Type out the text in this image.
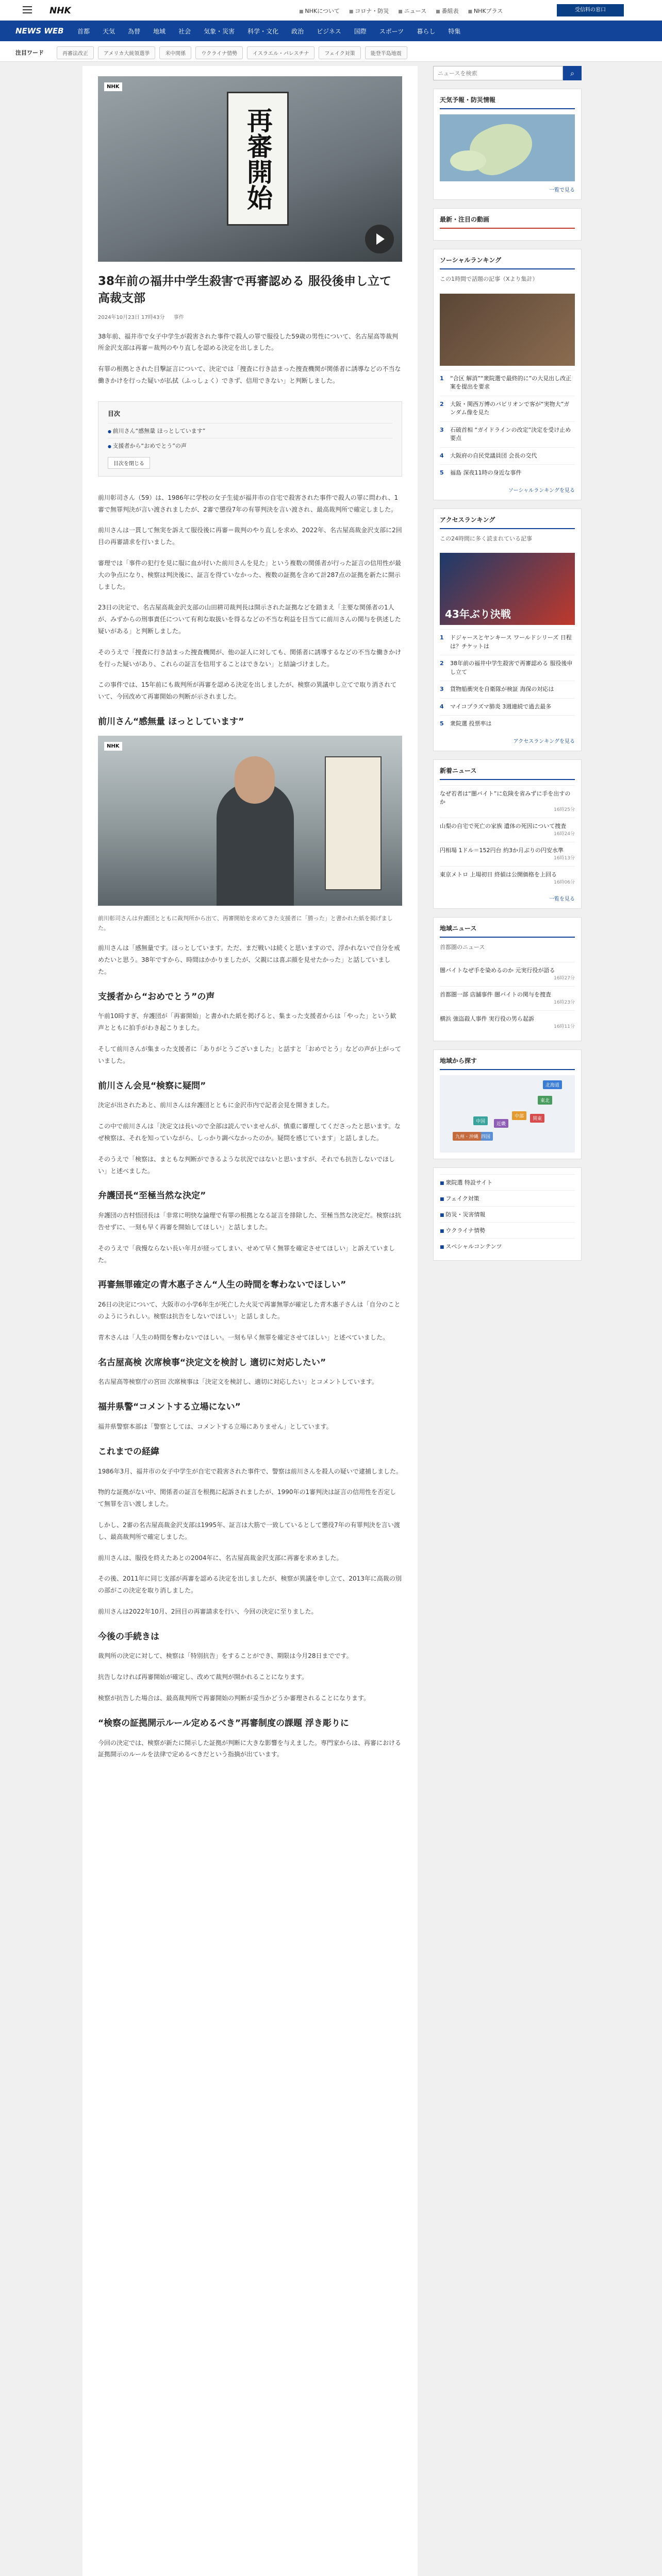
NHK	■ NHKについて	■ コロナ・防災	■ ニュース	■ 番組表	■ NHKプラス	受信料の窓口
NEWS WEB 首都 天気 為替 地域 社会 気象・災害 科学・文化 政治 ビジネス 国際 スポーツ 暮らし 特集
注目ワード	再審法改正	アメリカ大統領選挙	米中関係	ウクライナ情勢	イスラエル・パレスチナ	フェイク対策	能登半島地震
NHK
再審開始
38年前の福井中学生殺害で再審認める 服役後申し立て 高裁支部
2024年10月23日 17時43分 事件

38年前、福井市で女子中学生が殺害された事件で殺人の罪で服役した59歳の男性について、名古屋高等裁判所金沢支部は再審＝裁判のやり直しを認める決定を出しました。

有罪の根拠とされた目撃証言について、決定では「捜査に行き詰まった捜査機関が関係者に誘導などの不当な働きかけを行った疑いが払拭（ふっしょく）できず、信用できない」と判断しました。

目次
● 前川さん“感無量 ほっとしています”
● 支援者から“おめでとう”の声
目次を閉じる

前川彰司さん（59）は、1986年に学校の女子生徒が福井市の自宅で殺害された事件で殺人の罪に問われ、1審で無罪判決が言い渡されましたが、2審で懲役7年の有罪判決を言い渡され、最高裁判所で確定しました。

前川さんは一貫して無実を訴えて服役後に再審＝裁判のやり直しを求め、2022年、名古屋高裁金沢支部に2回目の再審請求を行いました。

審理では「事件の犯行を見に服に血が付いた前川さんを見た」という複数の関係者が行った証言の信用性が最大の争点になり、検察は判決後に、証言を得ていなかった、複数の証拠を含めて計287点の証拠を新たに開示しました。

23日の決定で、名古屋高裁金沢支部の山田耕司裁判長は開示された証拠などを踏まえ「主要な関係者の1人が、みずからの刑事責任について有利な取扱いを得るなどの不当な利益を目当てに前川さんの関与を供述した疑いがある」と判断しました。

そのうえで「捜査に行き詰まった捜査機関が、他の証人に対しても、関係者に誘導するなどの不当な働きかけを行った疑いがあり、これらの証言を信用することはできない」と結論づけました。

この事件では、15年前にも裁判所が再審を認める決定を出しましたが、検察の異議申し立てで取り消されていて、今回改めて再審開始の判断が示されました。

前川さん“感無量 ほっとしています”
NHK
前川彰司さんは弁護団とともに裁判所から出て、再審開始を求めてきた支援者に「勝った」と書かれた紙を掲げました。

前川さんは「感無量です。ほっとしています。ただ、まだ戦いは続くと思いますので、浮かれないで自分を戒めたいと思う。38年ですから、時間はかかりましたが、父親には喜ぶ顔を見せたかった」と話していました。

支援者から“おめでとう”の声

午前10時すぎ、弁護団が「再審開始」と書かれた紙を掲げると、集まった支援者からは「やった」という歓声とともに拍手がわき起こりました。

そして前川さんが集まった支援者に「ありがとうございました」と話すと「おめでとう」などの声が上がっていました。

前川さん会見“検察に疑問”

決定が出されたあと、前川さんは弁護団とともに金沢市内で記者会見を開きました。

この中で前川さんは「決定文は長いので全部は読んでいませんが、慎重に審理してくださったと思います。なぜ検察は、それを知っていながら、しっかり調べなかったのか。疑問を感じています」と話しました。

そのうえで「検察は、まともな判断ができるような状況ではないと思いますが、それでも抗告しないでほしい」と述べました。

弁護団長“至極当然な決定”

弁護団の吉村悟団長は「非常に明快な論理で有罪の根拠となる証言を排除した、至極当然な決定だ。検察は抗告せずに、一刻も早く再審を開始してほしい」と話しました。

そのうえで「我慢ならない長い年月が経ってしまい、せめて早く無罪を確定させてほしい」と訴えていました。

再審無罪確定の青木惠子さん“人生の時間を奪わないでほしい”

26日の決定について、大阪市の小学6年生が死亡した火災で再審無罪が確定した青木惠子さんは「自分のことのようにうれしい。検察は抗告をしないでほしい」と話しました。

青木さんは「人生の時間を奪わないでほしい。一刻も早く無罪を確定させてほしい」と述べていました。

名古屋高検 次席検事“決定文を検討し 適切に対応したい”

名古屋高等検察庁の宮田 次席検事は「決定文を検討し、適切に対応したい」とコメントしています。

福井県警“コメントする立場にない”

福井県警察本部は「警察としては、コメントする立場にありません」としています。

これまでの経緯

1986年3月、福井市の女子中学生が自宅で殺害された事件で、警察は前川さんを殺人の疑いで逮捕しました。

物的な証拠がない中、関係者の証言を根拠に起訴されましたが、1990年の1審判決は証言の信用性を否定して無罪を言い渡しました。

しかし、2審の名古屋高裁金沢支部は1995年、証言は大筋で一致しているとして懲役7年の有罪判決を言い渡し、最高裁判所で確定しました。

前川さんは、服役を終えたあとの2004年に、名古屋高裁金沢支部に再審を求めました。

その後、2011年に同じ支部が再審を認める決定を出しましたが、検察が異議を申し立て、2013年に高裁の別の部がこの決定を取り消しました。

前川さんは2022年10月、2回目の再審請求を行い、今回の決定に至りました。

今後の手続きは

裁判所の決定に対して、検察は「特別抗告」をすることができ、期限は今月28日までです。

抗告しなければ再審開始が確定し、改めて裁判が開かれることになります。

検察が抗告した場合は、最高裁判所で再審開始の判断が妥当かどうか審理されることになります。

“検察の証拠開示ルール定めるべき”再審制度の課題 浮き彫りに

今回の決定では、検察が新たに開示した証拠が判断に大きな影響を与えました。専門家からは、再審における証拠開示のルールを法律で定めるべきだという指摘が出ています。

ニュースを検索
⌕
天気予報・防災情報
一覧で見る
最新・注目の動画
ソーシャルランキング
この1時間で話題の記事（Xより集計）
1	“合区 解消”“衆院選で最終的に”の大見出し改正案を提出を要求
2	大阪・関西万博のパビリオンで客が“実物大”ガンダム像を見た
3	石破首相 “ガイドラインの改定”決定を受け止め要点
4	大阪府の自民党議員団 会長の交代
5	福島 深夜11時の身近な事件
ソーシャルランキングを見る
アクセスランキング
この24時間に多く読まれている記事
43年ぶり決戦
1	ドジャースとヤンキース ワールドシリーズ 日程は？チケットは
2	38年前の福井中学生殺害で再審認める 服役後申し立て
3	貨物船衝突を自衛隊が検証 海保の対応は
4	マイコプラズマ肺炎 3週連続で過去最多
5	衆院選 投票率は
アクセスランキングを見る
新着ニュース
なぜ若者は“闇バイト”に危険を省みずに手を出すのか
16時25分
山梨の自宅で死亡の家族 遺体の死因について捜査
16時24分
円相場 1ドル＝152円台 約3か月ぶりの円安水準
16時13分
東京メトロ 上場初日 終値は公開価格を上回る
16時06分
一覧を見る
地域ニュース
首都圏のニュース
闇バイトなぜ手を染めるのか 元実行役が語る
16時27分
首都圏一部 店舗事件 闇バイトの関与を捜査
16時23分
横浜 強盗殺人事件 実行役の男ら起訴
16時11分
地域から探す
北海道
東北
関東
中部
近畿
中国
四国
九州・沖縄
■ 衆院選 特設サイト
■ フェイク対策
■ 防災・災害情報
■ ウクライナ情勢
■ スペシャルコンテンツ
